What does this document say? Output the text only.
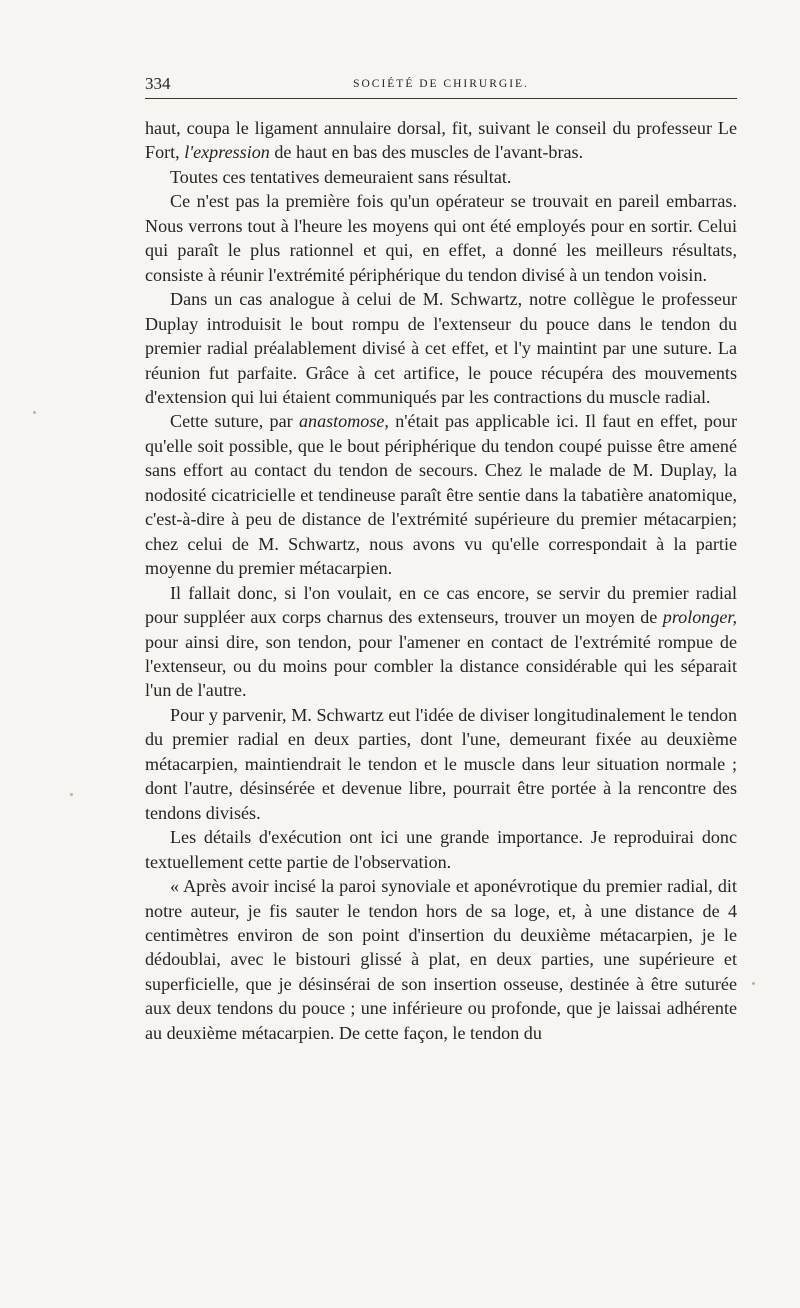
334	SOCIÉTÉ DE CHIRURGIE.

haut, coupa le ligament annulaire dorsal, fit, suivant le conseil du professeur Le Fort, l'expression de haut en bas des muscles de l'avant-bras.

Toutes ces tentatives demeuraient sans résultat.

Ce n'est pas la première fois qu'un opérateur se trouvait en pareil embarras. Nous verrons tout à l'heure les moyens qui ont été employés pour en sortir. Celui qui paraît le plus rationnel et qui, en effet, a donné les meilleurs résultats, consiste à réunir l'extrémité périphérique du tendon divisé à un tendon voisin.

Dans un cas analogue à celui de M. Schwartz, notre collègue le professeur Duplay introduisit le bout rompu de l'extenseur du pouce dans le tendon du premier radial préalablement divisé à cet effet, et l'y maintint par une suture. La réunion fut parfaite. Grâce à cet artifice, le pouce récupéra des mouvements d'extension qui lui étaient communiqués par les contractions du muscle radial.

Cette suture, par anastomose, n'était pas applicable ici. Il faut en effet, pour qu'elle soit possible, que le bout périphérique du tendon coupé puisse être amené sans effort au contact du tendon de secours. Chez le malade de M. Duplay, la nodosité cicatricielle et tendineuse paraît être sentie dans la tabatière anatomique, c'est-à-dire à peu de distance de l'extrémité supérieure du premier métacarpien; chez celui de M. Schwartz, nous avons vu qu'elle correspondait à la partie moyenne du premier métacarpien.

Il fallait donc, si l'on voulait, en ce cas encore, se servir du premier radial pour suppléer aux corps charnus des extenseurs, trouver un moyen de prolonger, pour ainsi dire, son tendon, pour l'amener en contact de l'extrémité rompue de l'extenseur, ou du moins pour combler la distance considérable qui les séparait l'un de l'autre.

Pour y parvenir, M. Schwartz eut l'idée de diviser longitudinalement le tendon du premier radial en deux parties, dont l'une, demeurant fixée au deuxième métacarpien, maintiendrait le tendon et le muscle dans leur situation normale ; dont l'autre, désinsérée et devenue libre, pourrait être portée à la rencontre des tendons divisés.

Les détails d'exécution ont ici une grande importance. Je reproduirai donc textuellement cette partie de l'observation.

« Après avoir incisé la paroi synoviale et aponévrotique du premier radial, dit notre auteur, je fis sauter le tendon hors de sa loge, et, à une distance de 4 centimètres environ de son point d'insertion du deuxième métacarpien, je le dédoublai, avec le bistouri glissé à plat, en deux parties, une supérieure et superficielle, que je désinsérai de son insertion osseuse, destinée à être suturée aux deux tendons du pouce ; une inférieure ou profonde, que je laissai adhérente au deuxième métacarpien. De cette façon, le tendon du
